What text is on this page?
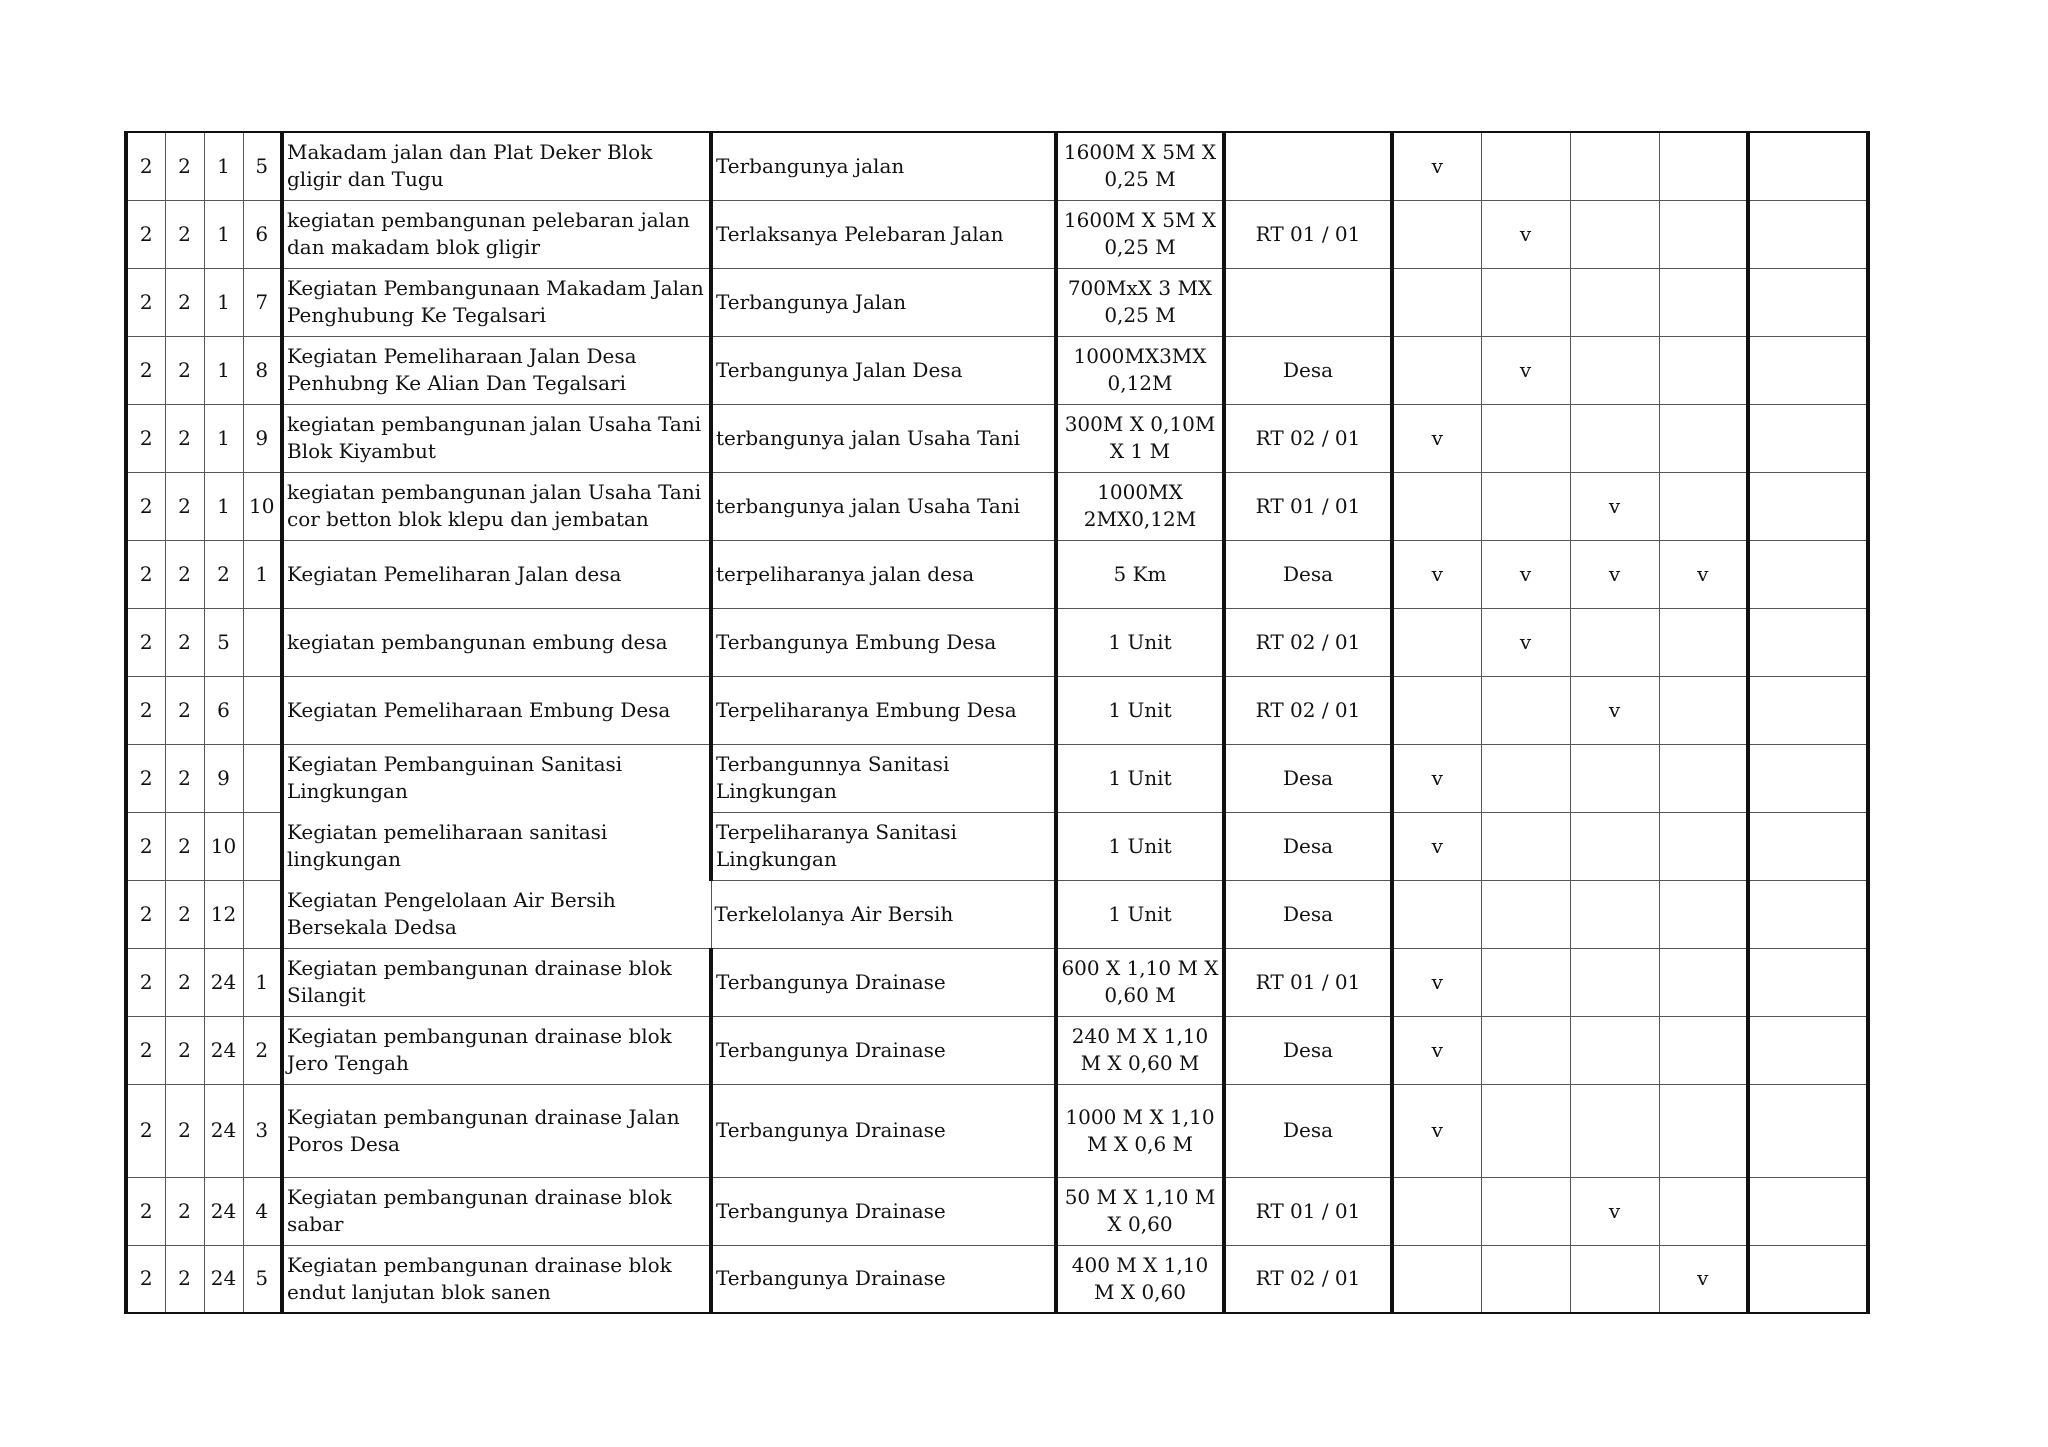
2	2	1	5	Makadam jalan dan Plat Deker Blok gligir dan Tugu	Terbangunya jalan	1600M X 5M X 0,25 M		v				
2	2	1	6	kegiatan pembangunan pelebaran jalan dan makadam blok gligir	Terlaksanya Pelebaran Jalan	1600M X 5M X 0,25 M	RT 01 / 01		v			
2	2	1	7	Kegiatan Pembangunaan Makadam Jalan Penghubung Ke Tegalsari	Terbangunya Jalan	700MxX 3 MX 0,25 M						
2	2	1	8	Kegiatan Pemeliharaan Jalan Desa Penhubng Ke Alian Dan Tegalsari	Terbangunya Jalan Desa	1000MX3MX 0,12M	Desa		v			
2	2	1	9	kegiatan pembangunan jalan Usaha Tani Blok Kiyambut	terbangunya jalan Usaha Tani	300M X 0,10M X 1 M	RT 02 / 01	v				
2	2	1	10	kegiatan pembangunan jalan Usaha Tani cor betton blok klepu dan jembatan	terbangunya jalan Usaha Tani	1000MX 2MX0,12M	RT 01 / 01			v		
2	2	2	1	Kegiatan Pemeliharan Jalan desa	terpeliharanya jalan desa	5 Km	Desa	v	v	v	v	
2	2	5		kegiatan pembangunan embung desa	Terbangunya Embung Desa	1 Unit	RT 02 / 01		v			
2	2	6		Kegiatan Pemeliharaan Embung Desa	Terpeliharanya Embung Desa	1 Unit	RT 02 / 01			v		
2	2	9		Kegiatan Pembanguinan Sanitasi Lingkungan	Terbangunnya Sanitasi Lingkungan	1 Unit	Desa	v				
2	2	10		Kegiatan pemeliharaan sanitasi lingkungan	Terpeliharanya Sanitasi Lingkungan	1 Unit	Desa	v				
2	2	12		Kegiatan Pengelolaan Air Bersih Bersekala Dedsa	Terkelolanya Air Bersih	1 Unit	Desa					
2	2	24	1	Kegiatan pembangunan drainase blok Silangit	Terbangunya Drainase	600 X 1,10 M X 0,60 M	RT 01 / 01	v				
2	2	24	2	Kegiatan pembangunan drainase blok Jero Tengah	Terbangunya Drainase	240 M X 1,10 M X 0,60 M	Desa	v				
2	2	24	3	Kegiatan pembangunan drainase Jalan Poros Desa	Terbangunya Drainase	1000 M X 1,10 M X 0,6 M	Desa	v				
2	2	24	4	Kegiatan pembangunan drainase blok sabar	Terbangunya Drainase	50 M X 1,10 M X 0,60	RT 01 / 01			v		
2	2	24	5	Kegiatan pembangunan drainase blok endut lanjutan blok sanen	Terbangunya Drainase	400 M X 1,10 M X 0,60	RT 02 / 01				v	
